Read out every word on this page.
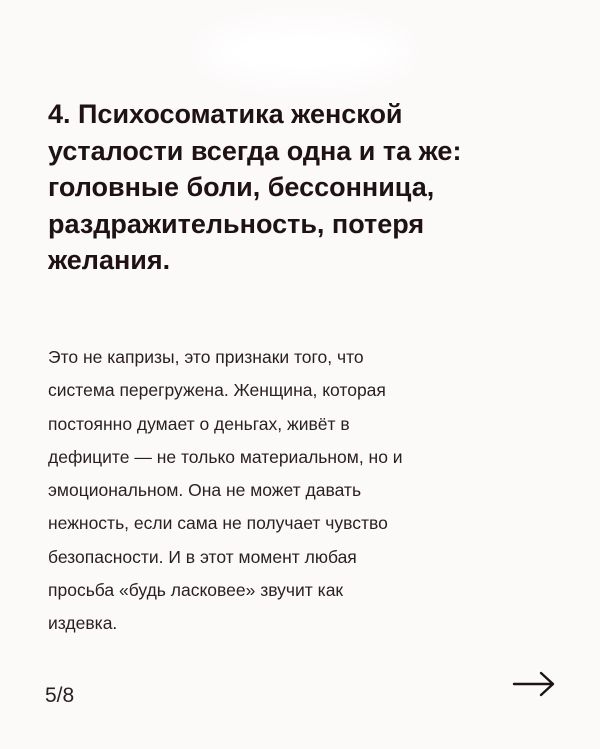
4. Психосоматика женской
усталости всегда одна и та же:
головные боли, бессонница,
раздражительность, потеря
желания.

Это не капризы, это признаки того, что
система перегружена. Женщина, которая
постоянно думает о деньгах, живёт в
дефиците — не только материальном, но и
эмоциональном. Она не может давать
нежность, если сама не получает чувство
безопасности. И в этот момент любая
просьба «будь ласковее» звучит как
издевка.

5/8
